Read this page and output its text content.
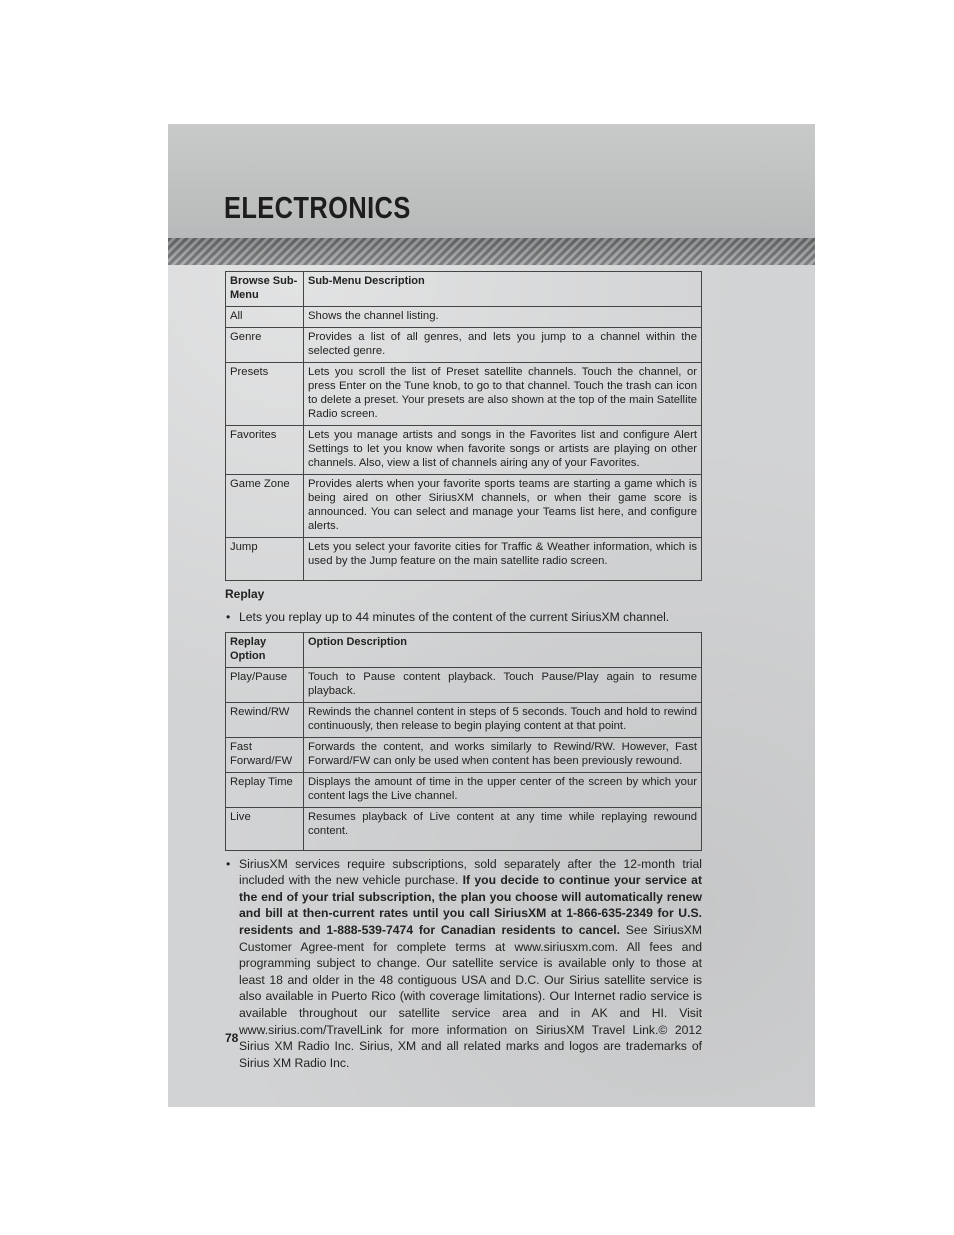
ELECTRONICS
Browse Sub-Menu	Sub-Menu Description
All	Shows the channel listing.
Genre	Provides a list of all genres, and lets you jump to a channel within the selected genre.
Presets	Lets you scroll the list of Preset satellite channels. Touch the channel, or press Enter on the Tune knob, to go to that channel. Touch the trash can icon to delete a preset. Your presets are also shown at the top of the main Satellite Radio screen.
Favorites	Lets you manage artists and songs in the Favorites list and configure Alert Settings to let you know when favorite songs or artists are playing on other channels. Also, view a list of channels airing any of your Favorites.
Game Zone	Provides alerts when your favorite sports teams are starting a game which is being aired on other SiriusXM channels, or when their game score is announced. You can select and manage your Teams list here, and configure alerts.
Jump	Lets you select your favorite cities for Traffic & Weather information, which is used by the Jump feature on the main satellite radio screen.
Replay
• Lets you replay up to 44 minutes of the content of the current SiriusXM channel.
Replay Option	Option Description
Play/Pause	Touch to Pause content playback. Touch Pause/Play again to resume playback.
Rewind/RW	Rewinds the channel content in steps of 5 seconds. Touch and hold to rewind continuously, then release to begin playing content at that point.
Fast Forward/FW	Forwards the content, and works similarly to Rewind/RW. However, Fast Forward/FW can only be used when content has been previously rewound.
Replay Time	Displays the amount of time in the upper center of the screen by which your content lags the Live channel.
Live	Resumes playback of Live content at any time while replaying rewound content.
• SiriusXM services require subscriptions, sold separately after the 12-month trial included with the new vehicle purchase. If you decide to continue your service at the end of your trial subscription, the plan you choose will automatically renew and bill at then-current rates until you call SiriusXM at 1-866-635-2349 for U.S. residents and 1-888-539-7474 for Canadian residents to cancel. See SiriusXM Customer Agree-ment for complete terms at www.siriusxm.com. All fees and programming subject to change. Our satellite service is available only to those at least 18 and older in the 48 contiguous USA and D.C. Our Sirius satellite service is also available in Puerto Rico (with coverage limitations). Our Internet radio service is available throughout our satellite service area and in AK and HI. Visit www.sirius.com/TravelLink for more information on SiriusXM Travel Link.© 2012 Sirius XM Radio Inc. Sirius, XM and all related marks and logos are trademarks of Sirius XM Radio Inc.
78
